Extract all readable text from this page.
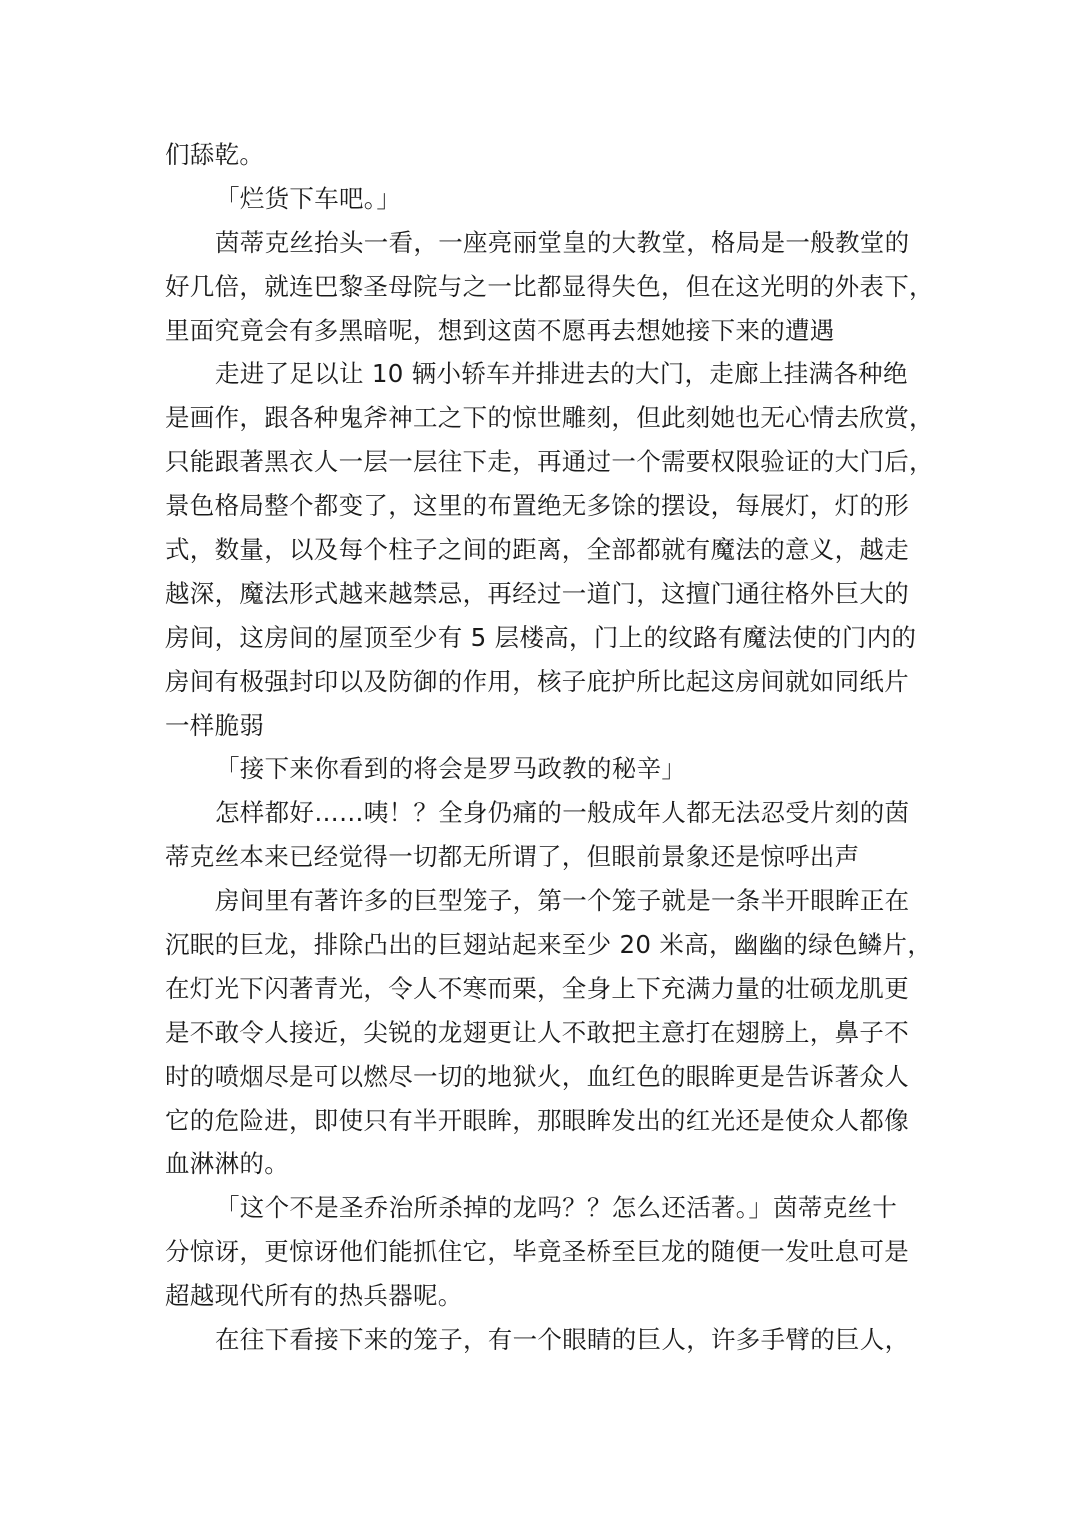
们舔乾。
「烂货下车吧。」
茵蒂克丝抬头一看，一座亮丽堂皇的大教堂，格局是一般教堂的
好几倍，就连巴黎圣母院与之一比都显得失色，但在这光明的外表下，
里面究竟会有多黑暗呢，想到这茵不愿再去想她接下来的遭遇
走进了足以让 10 辆小轿车并排进去的大门，走廊上挂满各种绝
是画作，跟各种鬼斧神工之下的惊世雕刻，但此刻她也无心情去欣赏，
只能跟著黑衣人一层一层往下走，再通过一个需要权限验证的大门后，
景色格局整个都变了，这里的布置绝无多馀的摆设，每展灯，灯的形
式，数量，以及每个柱子之间的距离，全部都就有魔法的意义，越走
越深，魔法形式越来越禁忌，再经过一道门，这擅门通往格外巨大的
房间，这房间的屋顶至少有 5 层楼高，门上的纹路有魔法使的门内的
房间有极强封印以及防御的作用，核子庇护所比起这房间就如同纸片
一样脆弱
「接下来你看到的将会是罗马政教的秘辛」
怎样都好……咦！？全身仍痛的一般成年人都无法忍受片刻的茵
蒂克丝本来已经觉得一切都无所谓了，但眼前景象还是惊呼出声
房间里有著许多的巨型笼子，第一个笼子就是一条半开眼眸正在
沉眠的巨龙，排除凸出的巨翅站起来至少 20 米高，幽幽的绿色鳞片，
在灯光下闪著青光，令人不寒而栗，全身上下充满力量的壮硕龙肌更
是不敢令人接近，尖锐的龙翅更让人不敢把主意打在翅膀上，鼻子不
时的喷烟尽是可以燃尽一切的地狱火，血红色的眼眸更是告诉著众人
它的危险进，即使只有半开眼眸，那眼眸发出的红光还是使众人都像
血淋淋的。
「这个不是圣乔治所杀掉的龙吗？？怎么还活著。」茵蒂克丝十
分惊讶，更惊讶他们能抓住它，毕竟圣桥至巨龙的随便一发吐息可是
超越现代所有的热兵器呢。
在往下看接下来的笼子，有一个眼睛的巨人，许多手臂的巨人，
